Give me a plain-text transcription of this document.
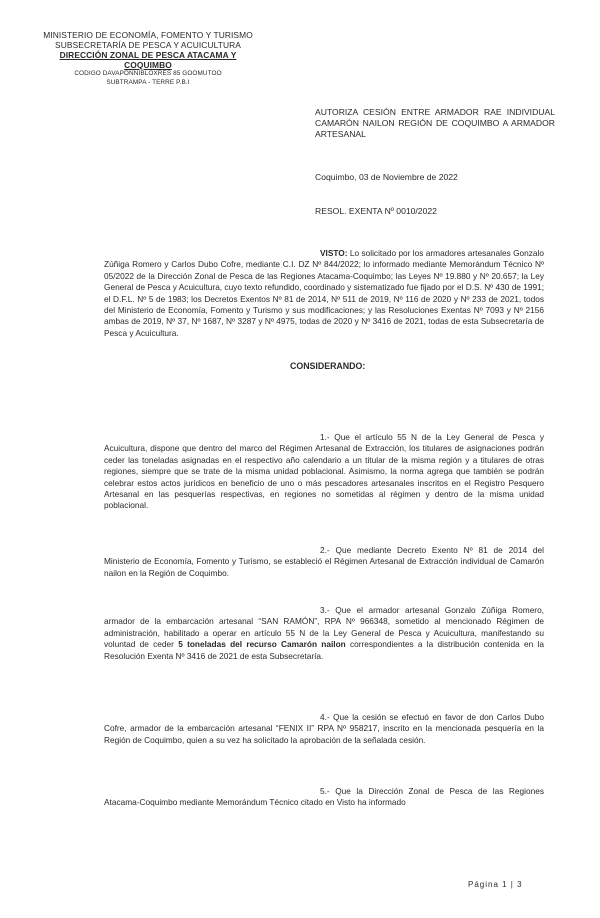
MINISTERIO DE ECONOMÍA, FOMENTO Y TURISMO
SUBSECRETARÍA DE PESCA Y ACUICULTURA
DIRECCIÓN ZONAL DE PESCA ATACAMA Y
COQUIMBO
CODIGO DAVAPONNIBLOXRES 85 GOOMUTOO
SUBTRAMPA - TERRE P.B.I
AUTORIZA CESIÓN ENTRE ARMADOR RAE INDIVIDUAL CAMARÓN NAILON REGIÓN DE COQUIMBO A ARMADOR ARTESANAL
Coquimbo, 03 de Noviembre de 2022
RESOL. EXENTA Nº 0010/2022
VISTO: Lo solicitado por los armadores artesanales Gonzalo Zúñiga Romero y Carlos Dubo Cofre, mediante C.I. DZ Nº 844/2022; lo informado mediante Memorándum Técnico Nº 05/2022 de la Dirección Zonal de Pesca de las Regiones Atacama-Coquimbo; las Leyes Nº 19.880 y Nº 20.657; la Ley General de Pesca y Acuicultura, cuyo texto refundido, coordinado y sistematizado fue fijado por el D.S. Nº 430 de 1991; el D.F.L. Nº 5 de 1983; los Decretos Exentos Nº 81 de 2014, Nº 511 de 2019, Nº 116 de 2020 y Nº 233 de 2021, todos del Ministerio de Economía, Fomento y Turismo y sus modificaciones; y las Resoluciones Exentas Nº 7093 y Nº 2156 ambas de 2019, Nº 37, Nº 1687, Nº 3287 y Nº 4975, todas de 2020 y Nº 3416 de 2021, todas de esta Subsecretaría de Pesca y Acuicultura.
CONSIDERANDO:
1.- Que el artículo 55 N de la Ley General de Pesca y Acuicultura, dispone que dentro del marco del Régimen Artesanal de Extracción, los titulares de asignaciones podrán ceder las toneladas asignadas en el respectivo año calendario a un titular de la misma región y a titulares de otras regiones, siempre que se trate de la misma unidad poblacional. Asimismo, la norma agrega que también se podrán celebrar estos actos jurídicos en beneficio de uno o más pescadores artesanales inscritos en el Registro Pesquero Artesanal en las pesquerías respectivas, en regiones no sometidas al régimen y dentro de la misma unidad poblacional.
2.- Que mediante Decreto Exento Nº 81 de 2014 del Ministerio de Economía, Fomento y Turismo, se estableció el Régimen Artesanal de Extracción individual de Camarón nailon en la Región de Coquimbo.
3.- Que el armador artesanal Gonzalo Zúñiga Romero, armador de la embarcación artesanal “SAN RAMÓN”, RPA Nº 966348, sometido al mencionado Régimen de administración, habilitado a operar en artículo 55 N de la Ley General de Pesca y Acuicultura, manifestando su voluntad de ceder 5 toneladas del recurso Camarón nailon correspondientes a la distribución contenida en la Resolución Exenta Nº 3416 de 2021 de esta Subsecretaría.
4.- Que la cesión se efectuó en favor de don Carlos Dubo Cofre, armador de la embarcación artesanal “FENIX II” RPA Nº 958217, inscrito en la mencionada pesquería en la Región de Coquimbo, quien a su vez ha solicitado la aprobación de la señalada cesión.
5.- Que la Dirección Zonal de Pesca de las Regiones Atacama-Coquimbo mediante Memorándum Técnico citado en Visto ha informado
Página 1 | 3
